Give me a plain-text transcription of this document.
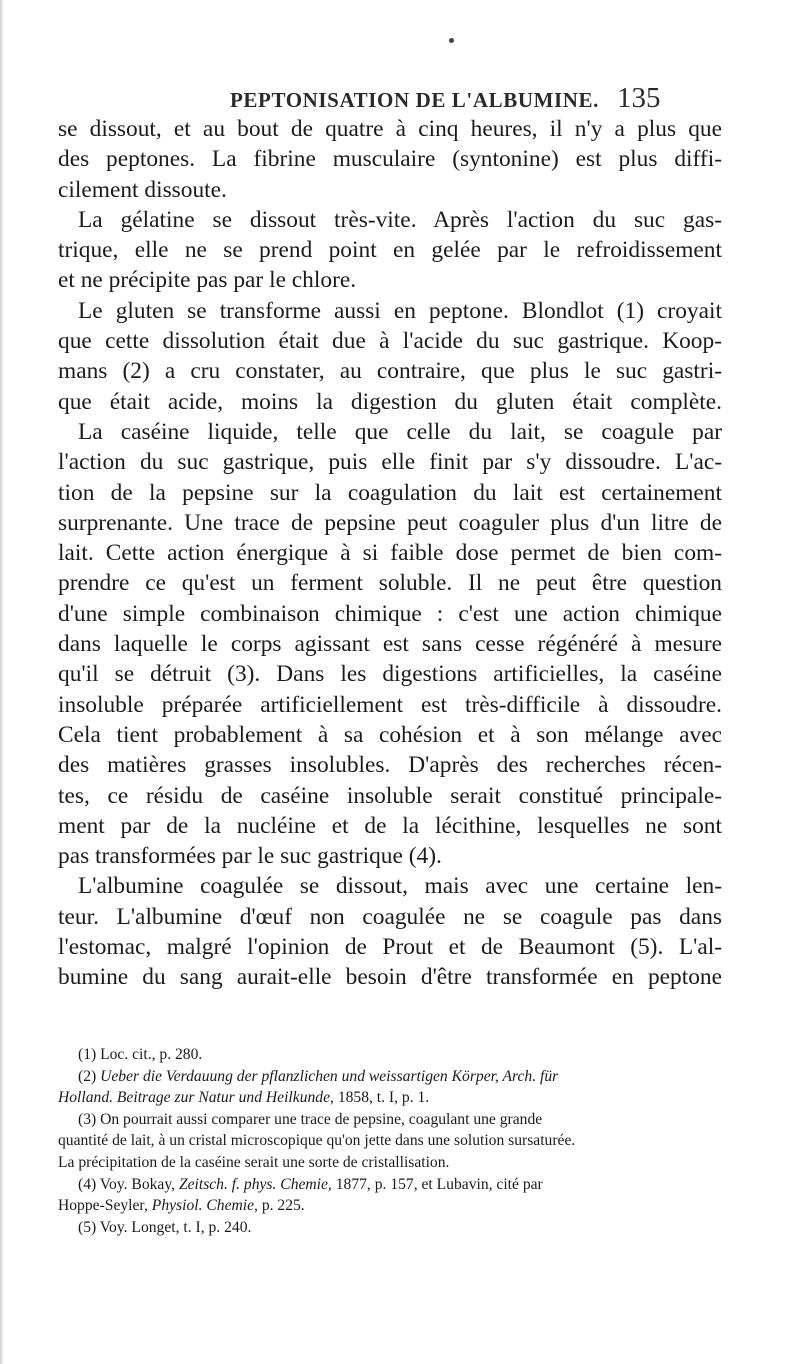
PEPTONISATION DE L'ALBUMINE. 135
se dissout, et au bout de quatre à cinq heures, il n'y a plus que
des peptones. La fibrine musculaire (syntonine) est plus diffi-
cilement dissoute.
La gélatine se dissout très-vite. Après l'action du suc gas-
trique, elle ne se prend point en gelée par le refroidissement
et ne précipite pas par le chlore.
Le gluten se transforme aussi en peptone. Blondlot (1) croyait
que cette dissolution était due à l'acide du suc gastrique. Koop-
mans (2) a cru constater, au contraire, que plus le suc gastri-
que était acide, moins la digestion du gluten était complète.
La caséine liquide, telle que celle du lait, se coagule par
l'action du suc gastrique, puis elle finit par s'y dissoudre. L'ac-
tion de la pepsine sur la coagulation du lait est certainement
surprenante. Une trace de pepsine peut coaguler plus d'un litre de
lait. Cette action énergique à si faible dose permet de bien com-
prendre ce qu'est un ferment soluble. Il ne peut être question
d'une simple combinaison chimique : c'est une action chimique
dans laquelle le corps agissant est sans cesse régénéré à mesure
qu'il se détruit (3). Dans les digestions artificielles, la caséine
insoluble préparée artificiellement est très-difficile à dissoudre.
Cela tient probablement à sa cohésion et à son mélange avec
des matières grasses insolubles. D'après des recherches récen-
tes, ce résidu de caséine insoluble serait constitué principale-
ment par de la nucléine et de la lécithine, lesquelles ne sont
pas transformées par le suc gastrique (4).
L'albumine coagulée se dissout, mais avec une certaine len-
teur. L'albumine d'œuf non coagulée ne se coagule pas dans
l'estomac, malgré l'opinion de Prout et de Beaumont (5). L'al-
bumine du sang aurait-elle besoin d'être transformée en peptone
(1) Loc. cit., p. 280.
(2) Ueber die Verdauung der pflanzlichen und weissartigen Körper, Arch. für
Holland. Beitrage zur Natur und Heilkunde, 1858, t. I, p. 1.
(3) On pourrait aussi comparer une trace de pepsine, coagulant une grande
quantité de lait, à un cristal microscopique qu'on jette dans une solution sursaturée.
La précipitation de la caséine serait une sorte de cristallisation.
(4) Voy. Bokay, Zeitsch. f. phys. Chemie, 1877, p. 157, et Lubavin, cité par
Hoppe-Seyler, Physiol. Chemie, p. 225.
(5) Voy. Longet, t. I, p. 240.
